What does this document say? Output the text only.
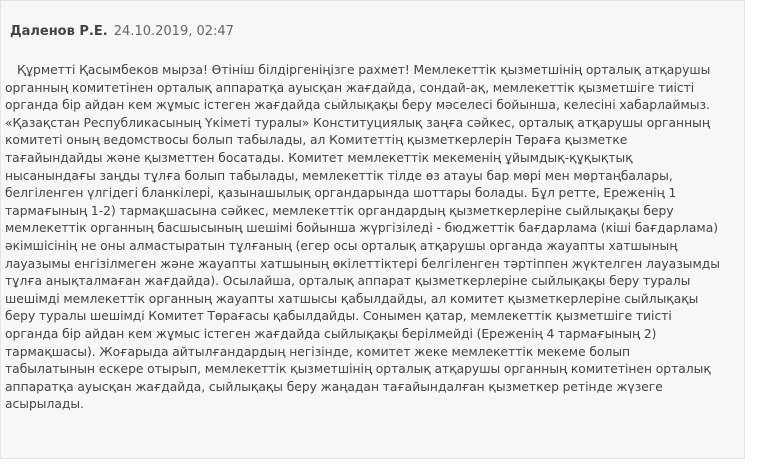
Даленов Р.Е. 24.10.2019, 02:47

Құрметті Қасымбеков мырза! Өтініш білдіргеніңізге рахмет! Мемлекеттік қызметшінің орталық атқарушы
органның комитетінен орталық аппаратқа ауысқан жағдайда, сондай-ақ, мемлекеттік қызметшіге тиісті
органда бір айдан кем жұмыс істеген жағдайда сыйлықақы беру мәселесі бойынша, келесіні хабарлаймыз.
«Қазақстан Республикасының Үкіметі туралы» Конституциялық заңға сәйкес, орталық атқарушы органның
комитеті оның ведомствосы болып табылады, ал Комитеттің қызметкерлерін Төраға қызметке
тағайындайды және қызметтен босатады. Комитет мемлекеттік мекеменің ұйымдық-құқықтық
нысанындағы заңды тұлға болып табылады, мемлекеттік тілде өз атауы бар мөрі мен мөртаңбалары,
белгіленген үлгідегі бланкілері, қазынашылық органдарында шоттары болады. Бұл ретте, Ереженің 1
тармағының 1-2) тармақшасына сәйкес, мемлекеттік органдардың қызметкерлеріне сыйлықақы беру
мемлекеттік органның басшысының шешімі бойынша жүргізіледі - бюджеттік бағдарлама (кіші бағдарлама)
әкімшісінің не оны алмастыратын тұлғаның (егер осы орталық атқарушы органда жауапты хатшының
лауазымы енгізілмеген және жауапты хатшының өкілеттіктері белгіленген тәртіппен жүктелген лауазымды
тұлға анықталмаған жағдайда). Осылайша, орталық аппарат қызметкерлеріне сыйлықақы беру туралы
шешімді мемлекеттік органның жауапты хатшысы қабылдайды, ал комитет қызметкерлеріне сыйлықақы
беру туралы шешімді Комитет Төрағасы қабылдайды. Сонымен қатар, мемлекеттік қызметшіге тиісті
органда бір айдан кем жұмыс істеген жағдайда сыйлықақы берілмейді (Ереженің 4 тармағының 2)
тармақшасы). Жоғарыда айтылғандардың негізінде, комитет жеке мемлекеттік мекеме болып
табылатынын ескере отырып, мемлекеттік қызметшінің орталық атқарушы органның комитетінен орталық
аппаратқа ауысқан жағдайда, сыйлықақы беру жаңадан тағайындалған қызметкер ретінде жүзеге
асырылады.
